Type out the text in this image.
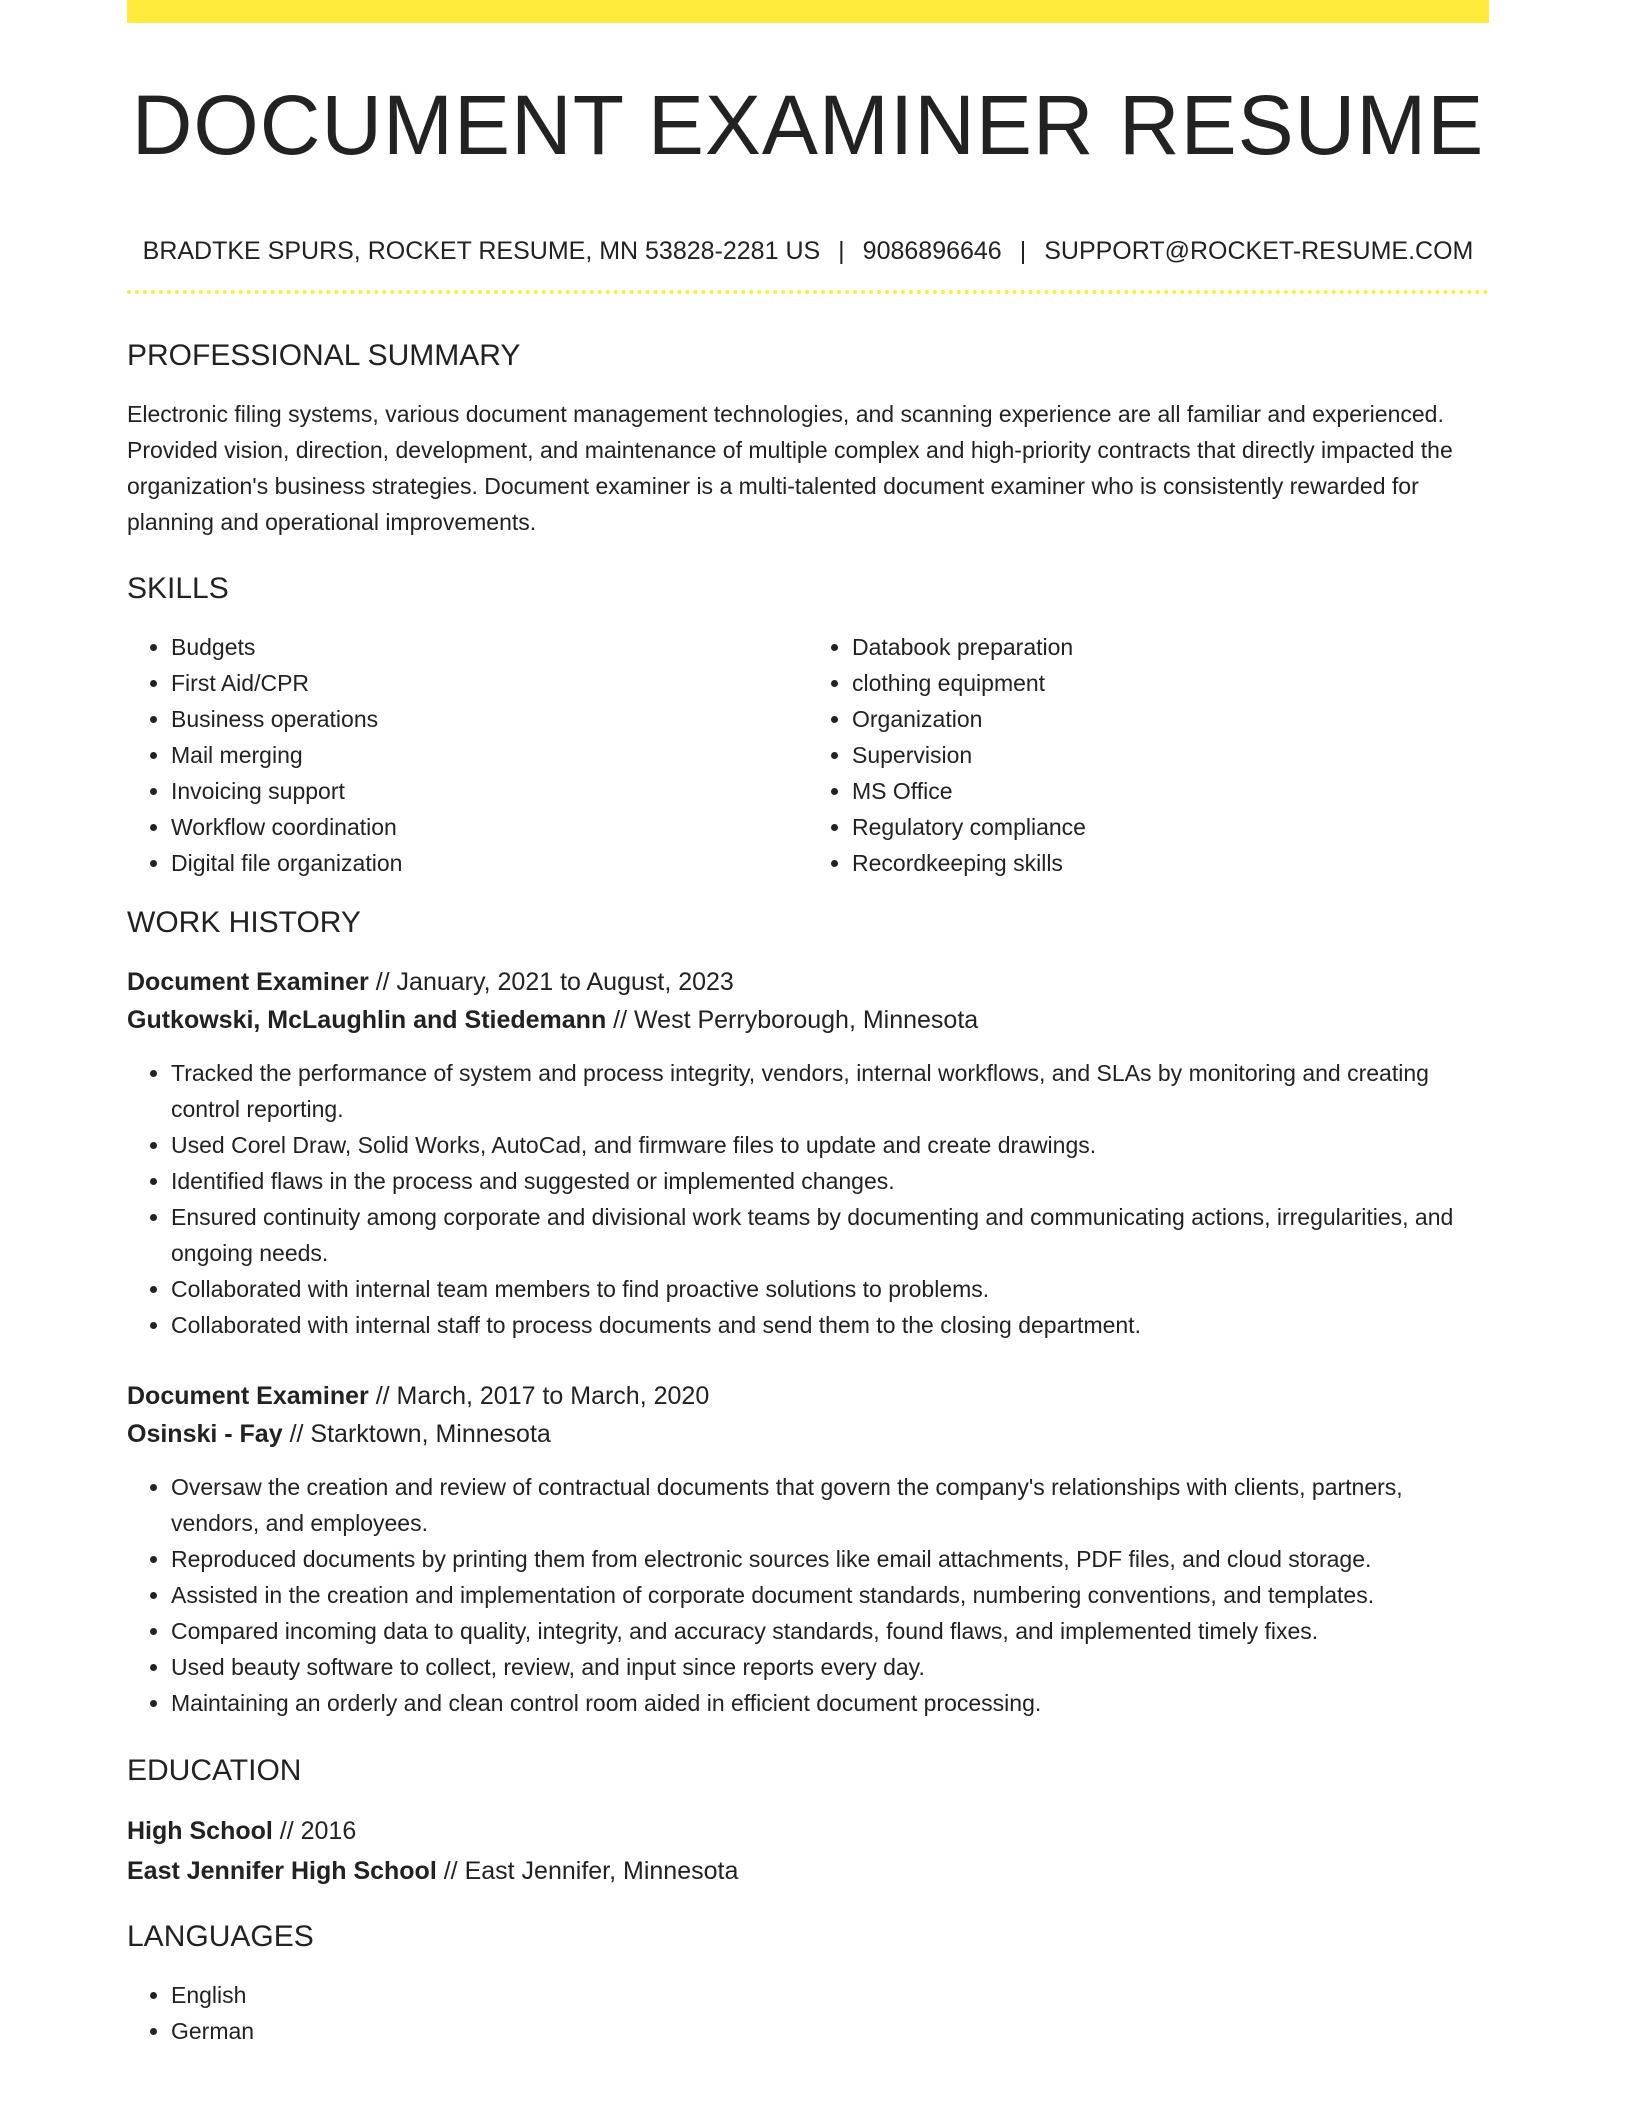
DOCUMENT EXAMINER RESUME
BRADTKE SPURS, ROCKET RESUME, MN 53828-2281 US | 9086896646 | SUPPORT@ROCKET-RESUME.COM
PROFESSIONAL SUMMARY
Electronic filing systems, various document management technologies, and scanning experience are all familiar and experienced. Provided vision, direction, development, and maintenance of multiple complex and high-priority contracts that directly impacted the organization's business strategies. Document examiner is a multi-talented document examiner who is consistently rewarded for planning and operational improvements.
SKILLS
• Budgets
• First Aid/CPR
• Business operations
• Mail merging
• Invoicing support
• Workflow coordination
• Digital file organization
• Databook preparation
• clothing equipment
• Organization
• Supervision
• MS Office
• Regulatory compliance
• Recordkeeping skills
WORK HISTORY
Document Examiner // January, 2021 to August, 2023
Gutkowski, McLaughlin and Stiedemann // West Perryborough, Minnesota
• Tracked the performance of system and process integrity, vendors, internal workflows, and SLAs by monitoring and creating control reporting.
• Used Corel Draw, Solid Works, AutoCad, and firmware files to update and create drawings.
• Identified flaws in the process and suggested or implemented changes.
• Ensured continuity among corporate and divisional work teams by documenting and communicating actions, irregularities, and ongoing needs.
• Collaborated with internal team members to find proactive solutions to problems.
• Collaborated with internal staff to process documents and send them to the closing department.
Document Examiner // March, 2017 to March, 2020
Osinski - Fay // Starktown, Minnesota
• Oversaw the creation and review of contractual documents that govern the company's relationships with clients, partners, vendors, and employees.
• Reproduced documents by printing them from electronic sources like email attachments, PDF files, and cloud storage.
• Assisted in the creation and implementation of corporate document standards, numbering conventions, and templates.
• Compared incoming data to quality, integrity, and accuracy standards, found flaws, and implemented timely fixes.
• Used beauty software to collect, review, and input since reports every day.
• Maintaining an orderly and clean control room aided in efficient document processing.
EDUCATION
High School // 2016
East Jennifer High School // East Jennifer, Minnesota
LANGUAGES
• English
• German
